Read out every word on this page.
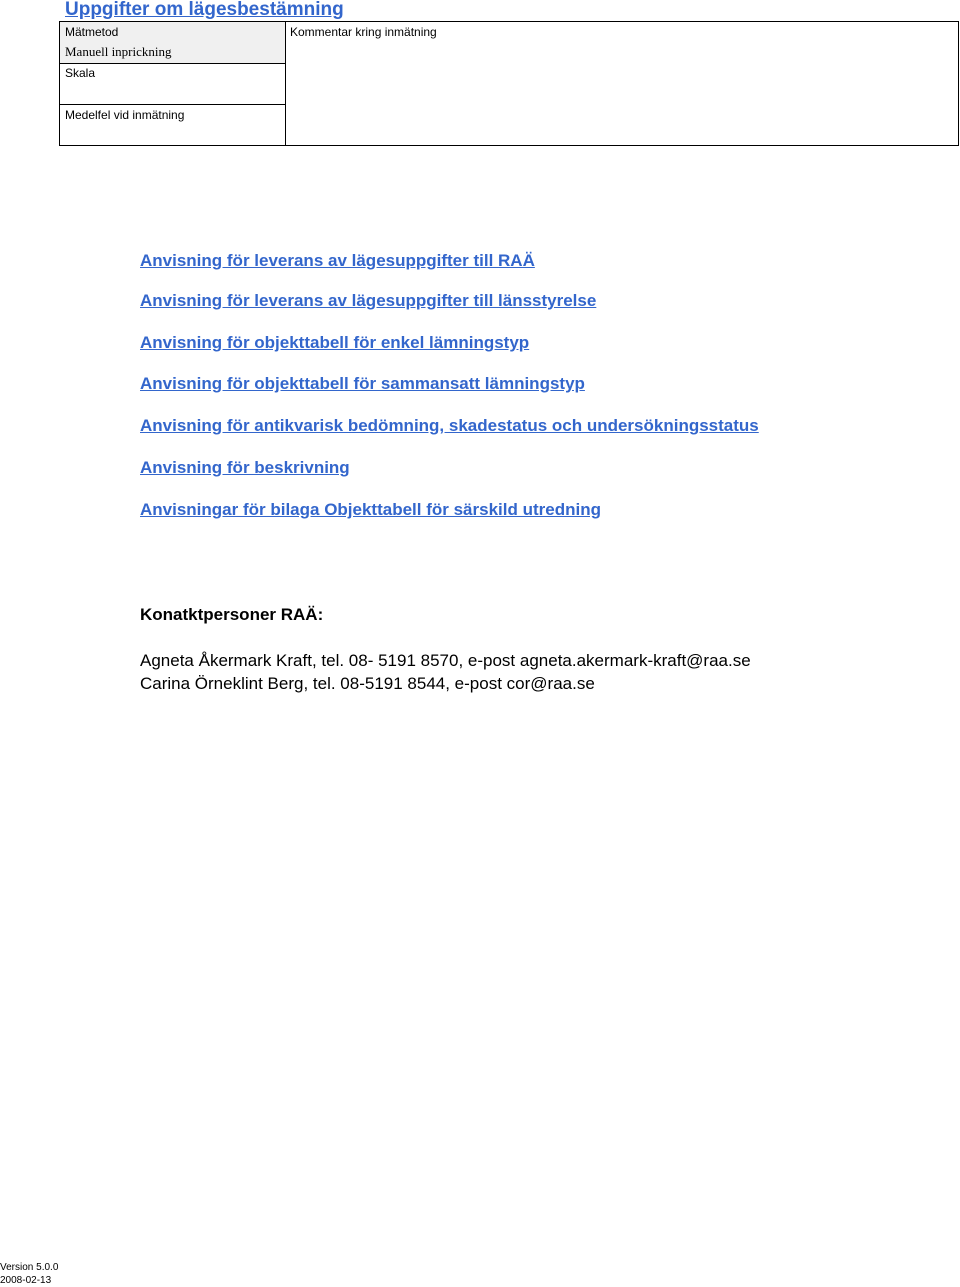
Uppgifter om lägesbestämning
Mätmetod
Manuell inprickning
Skala
Medelfel vid inmätning
Kommentar kring inmätning
Anvisning för leverans av lägesuppgifter till RAÄ
Anvisning för leverans av lägesuppgifter till länsstyrelse
Anvisning för objekttabell för enkel lämningstyp
Anvisning för objekttabell för sammansatt lämningstyp
Anvisning för antikvarisk bedömning, skadestatus och undersökningsstatus
Anvisning för beskrivning
Anvisningar för bilaga Objekttabell för särskild utredning
Konatktpersoner RAÄ:
Agneta Åkermark Kraft, tel. 08- 5191 8570, e-post agneta.akermark-kraft@raa.se
Carina Örneklint Berg, tel. 08-5191 8544, e-post cor@raa.se
Version 5.0.0
2008-02-13
